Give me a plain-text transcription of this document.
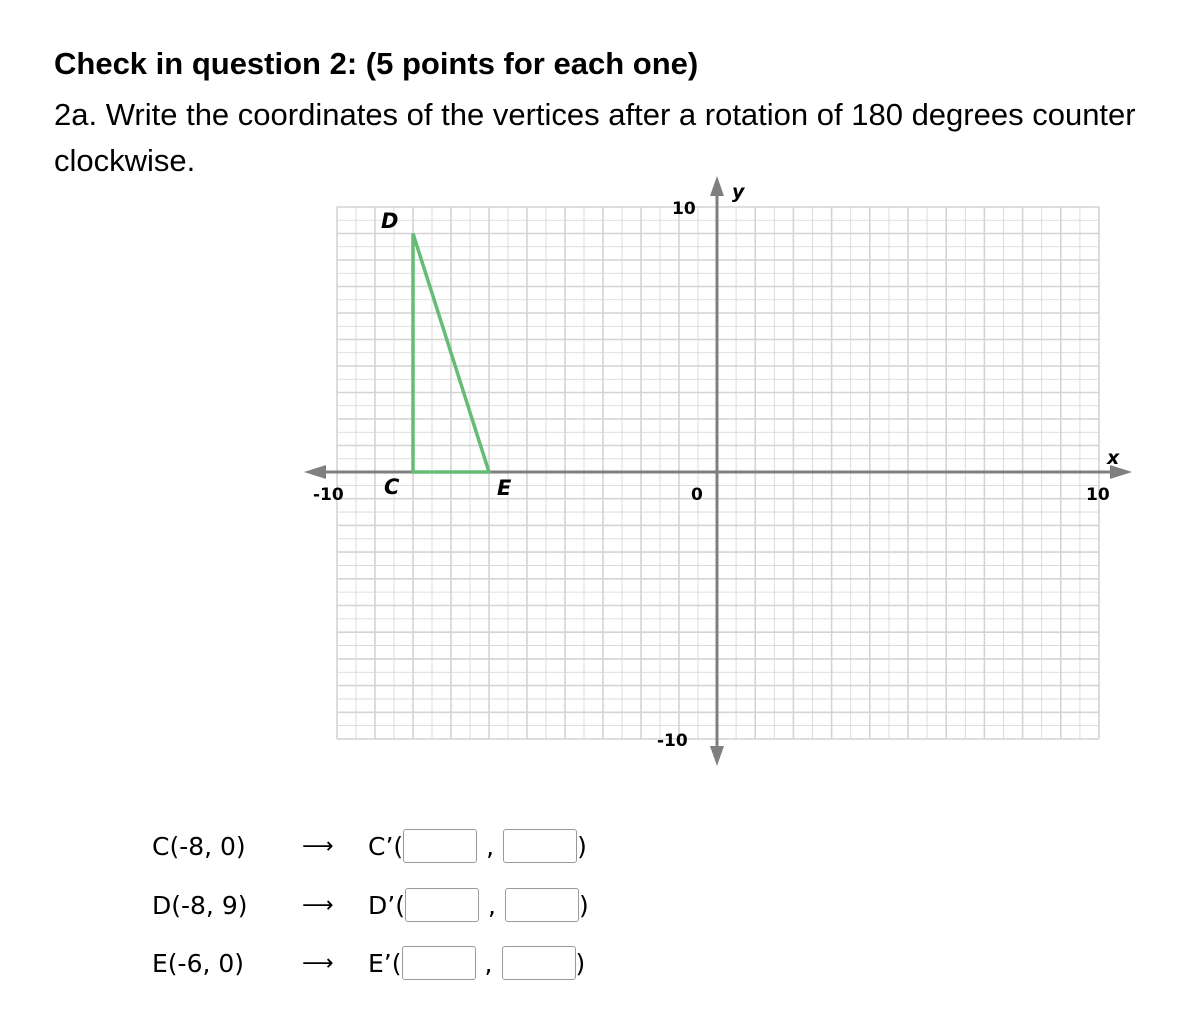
Check in question 2: (5 points for each one)
2a. Write the coordinates of the vertices after a rotation of 180 degrees counter clockwise.
-10	10
10
-10
0
x
y
C
D
E
C(-8, 0)	⟶	C’(	,	)
D(-8, 9)	⟶	D’(	,	)
E(-6, 0)	⟶	E’(	,	)
